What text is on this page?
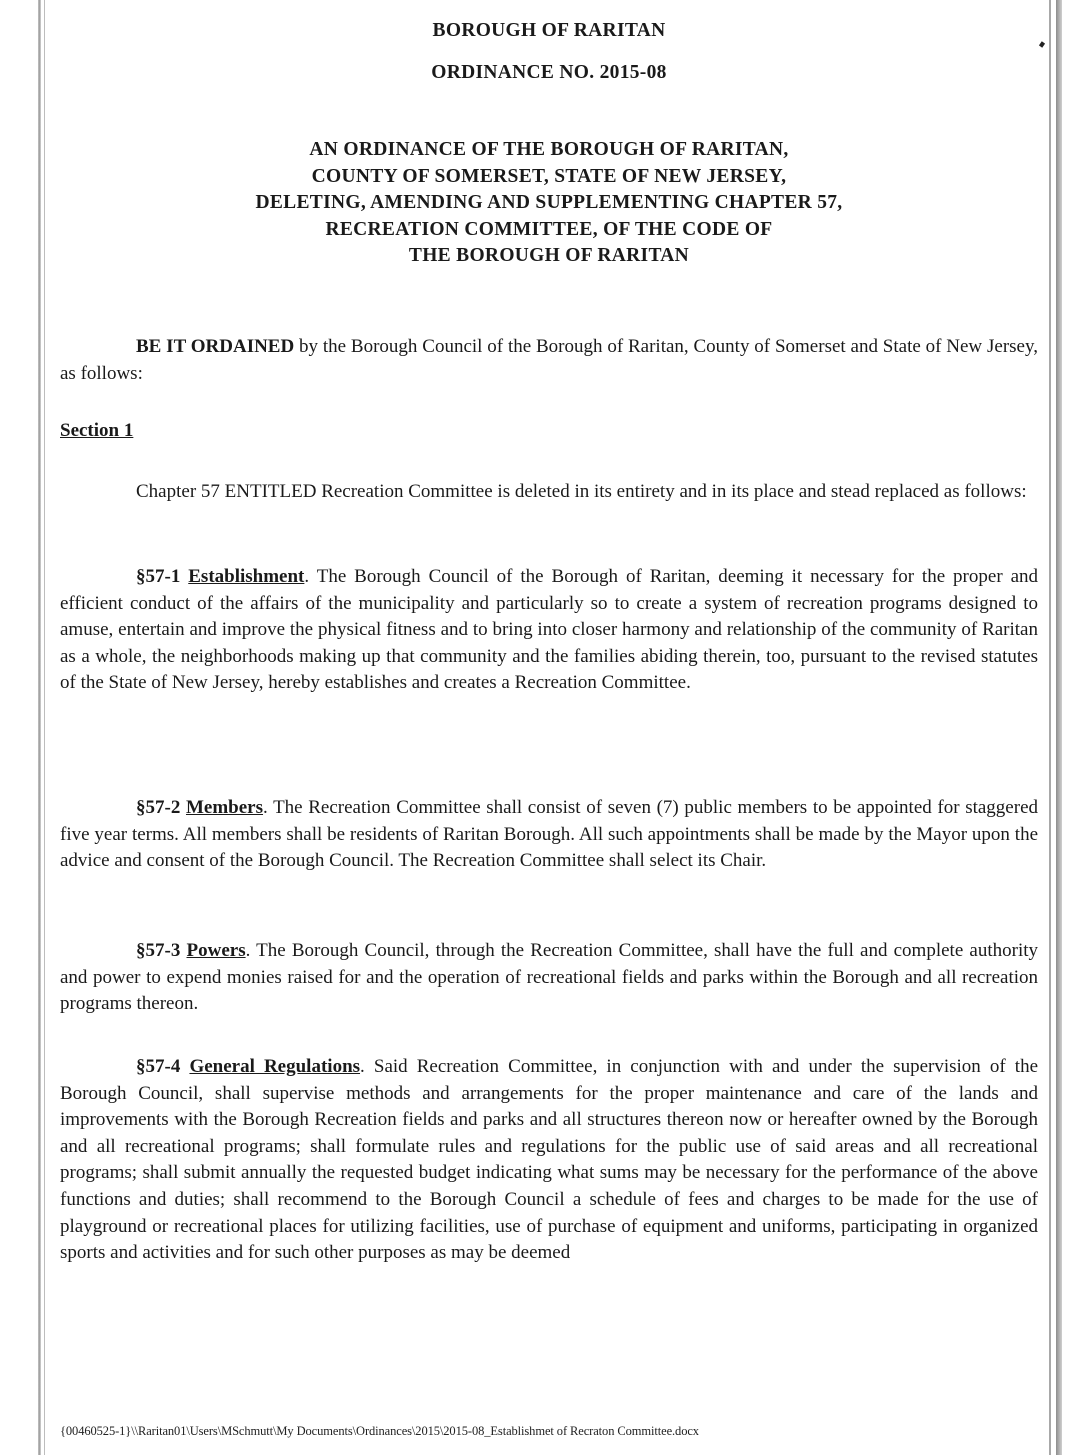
BOROUGH OF RARITAN
ORDINANCE NO. 2015-08
AN ORDINANCE OF THE BOROUGH OF RARITAN,
COUNTY OF SOMERSET, STATE OF NEW JERSEY,
DELETING, AMENDING AND SUPPLEMENTING CHAPTER 57,
RECREATION COMMITTEE, OF THE CODE OF
THE BOROUGH OF RARITAN
BE IT ORDAINED by the Borough Council of the Borough of Raritan, County of Somerset and State of New Jersey, as follows:
Section 1
Chapter 57 ENTITLED Recreation Committee is deleted in its entirety and in its place and stead replaced as follows:
§57-1 Establishment. The Borough Council of the Borough of Raritan, deeming it necessary for the proper and efficient conduct of the affairs of the municipality and particularly so to create a system of recreation programs designed to amuse, entertain and improve the physical fitness and to bring into closer harmony and relationship of the community of Raritan as a whole, the neighborhoods making up that community and the families abiding therein, too, pursuant to the revised statutes of the State of New Jersey, hereby establishes and creates a Recreation Committee.
§57-2 Members. The Recreation Committee shall consist of seven (7) public members to be appointed for staggered five year terms. All members shall be residents of Raritan Borough. All such appointments shall be made by the Mayor upon the advice and consent of the Borough Council. The Recreation Committee shall select its Chair.
§57-3 Powers. The Borough Council, through the Recreation Committee, shall have the full and complete authority and power to expend monies raised for and the operation of recreational fields and parks within the Borough and all recreation programs thereon.
§57-4 General Regulations. Said Recreation Committee, in conjunction with and under the supervision of the Borough Council, shall supervise methods and arrangements for the proper maintenance and care of the lands and improvements with the Borough Recreation fields and parks and all structures thereon now or hereafter owned by the Borough and all recreational programs; shall formulate rules and regulations for the public use of said areas and all recreational programs; shall submit annually the requested budget indicating what sums may be necessary for the performance of the above functions and duties; shall recommend to the Borough Council a schedule of fees and charges to be made for the use of playground or recreational places for utilizing facilities, use of purchase of equipment and uniforms, participating in organized sports and activities and for such other purposes as may be deemed
{00460525-1}\\Raritan01\Users\MSchmutt\My Documents\Ordinances\2015\2015-08_Establishmet of Recraton Committee.docx
